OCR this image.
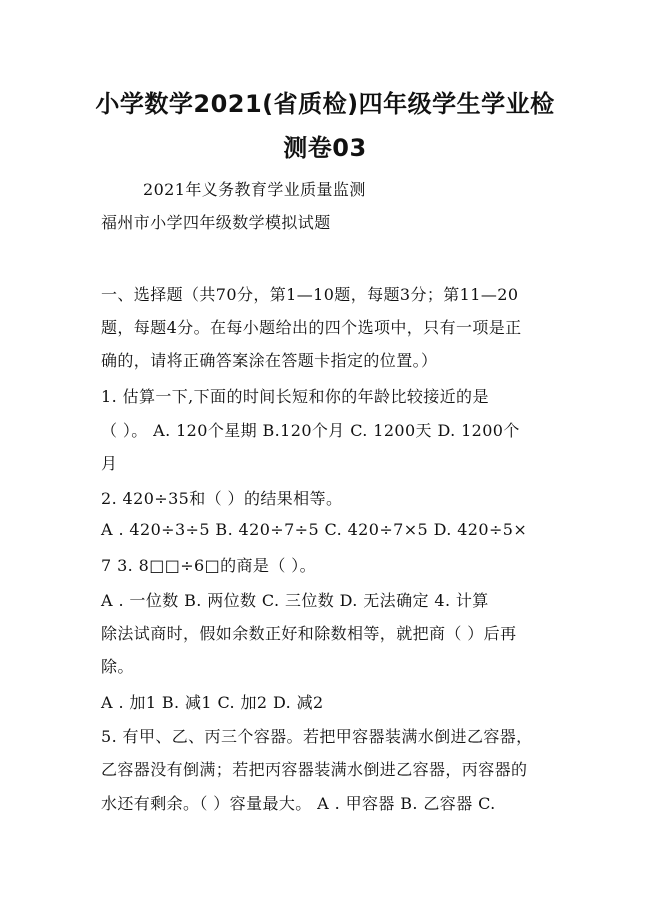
小学数学2021(省质检)四年级学生学业检
测卷03

2021年义务教育学业质量监测

福州市小学四年级数学模拟试题

一、选择题（共70分，第1—10题，每题3分；第11—20

题，每题4分。在每小题给出的四个选项中，只有一项是正

确的，请将正确答案涂在答题卡指定的位置。）

1. 估算一下,下面的时间长短和你的年龄比较接近的是

（ ）。 A. 120个星期 B.120个月 C. 1200天 D. 1200个

月

2. 420÷35和（ ）的结果相等。

A . 420÷3÷5 B. 420÷7÷5 C. 420÷7×5 D. 420÷5×

7 3. 8□□÷6□的商是（ ）。

A . 一位数 B. 两位数 C. 三位数 D. 无法确定 4. 计算

除法试商时，假如余数正好和除数相等，就把商（ ）后再

除。

A . 加1 B. 减1 C. 加2 D. 减2

5. 有甲、乙、丙三个容器。若把甲容器装满水倒进乙容器，

乙容器没有倒满；若把丙容器装满水倒进乙容器，丙容器的

水还有剩余。（ ）容量最大。 A . 甲容器 B. 乙容器 C.
